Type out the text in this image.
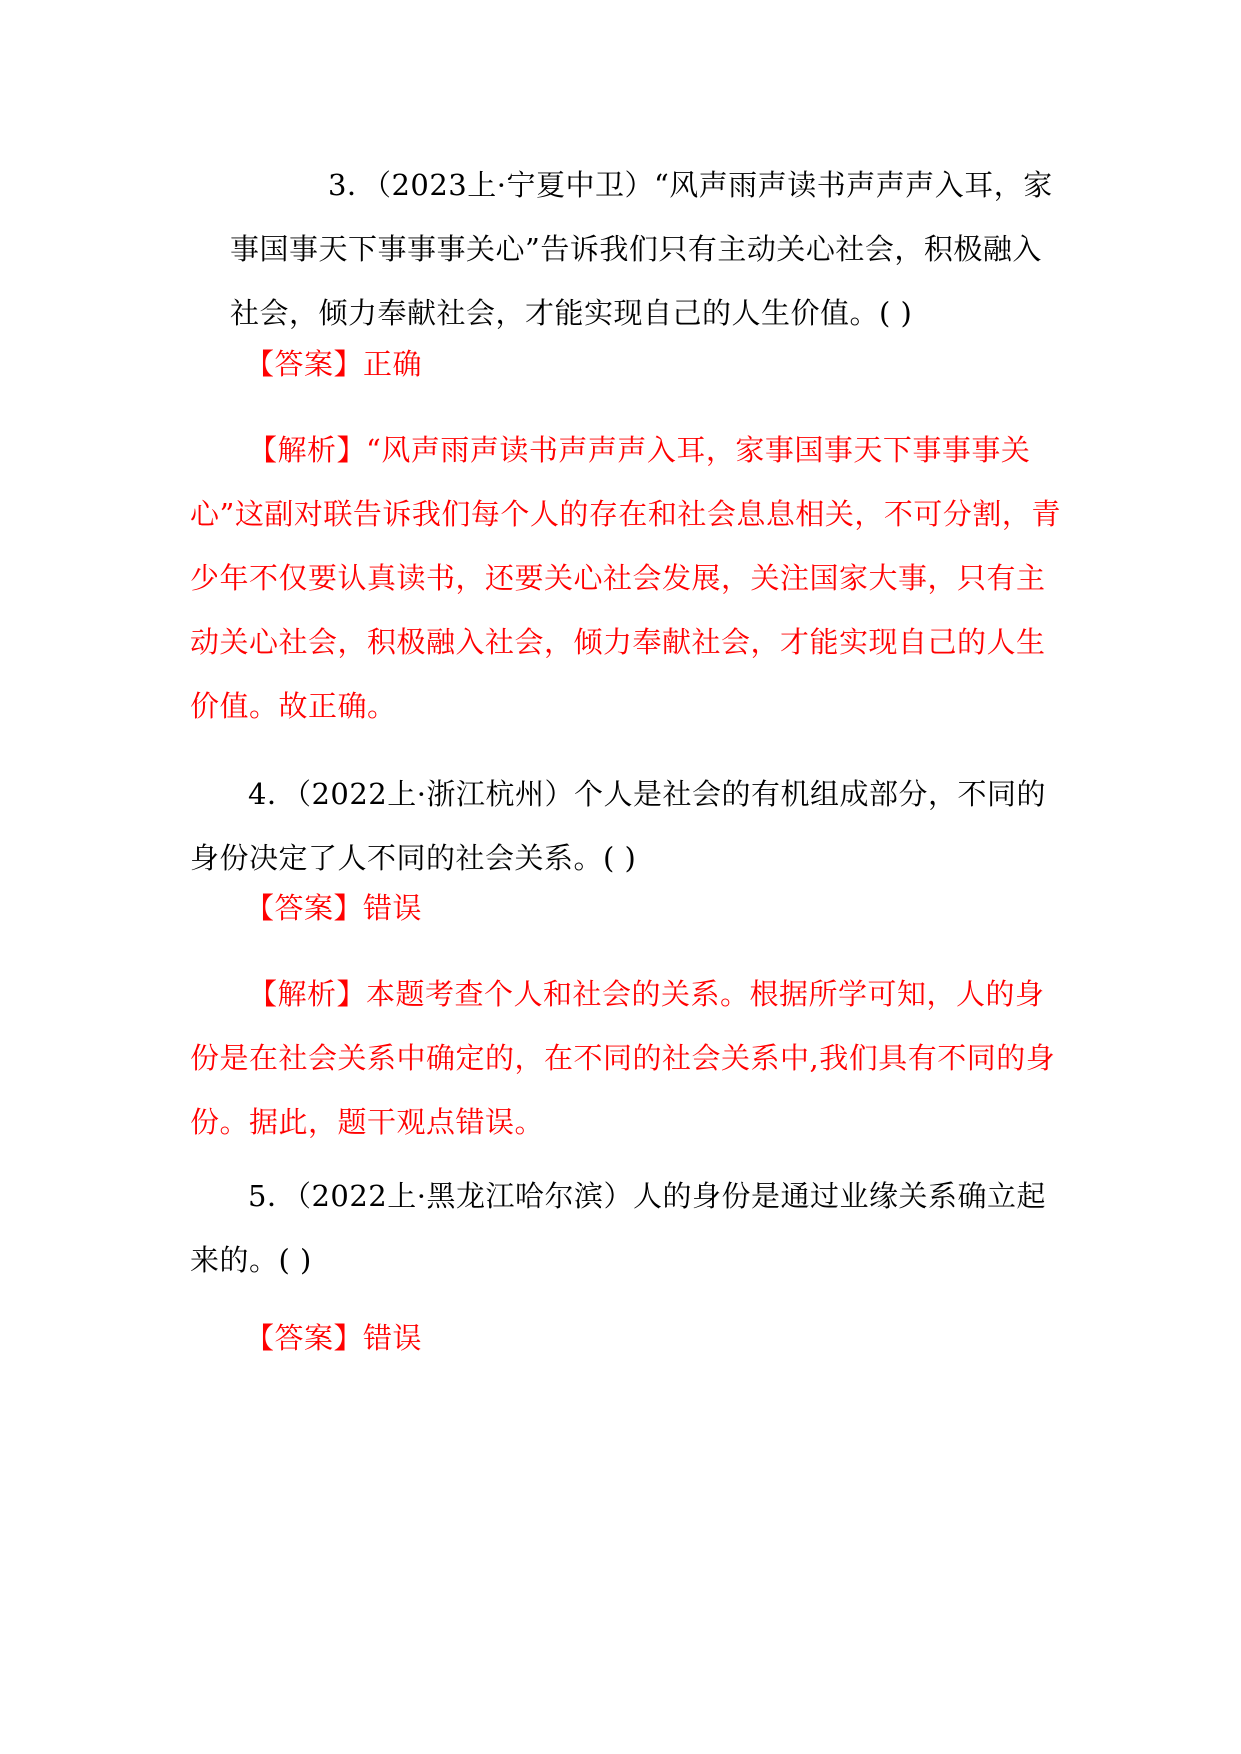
3．（2023上·宁夏中卫）“风声雨声读书声声声入耳，家事国事天下事事事关心”告诉我们只有主动关心社会，积极融入社会，倾力奉献社会，才能实现自己的人生价值。( )
【答案】正确
【解析】“风声雨声读书声声声入耳，家事国事天下事事事关心”这副对联告诉我们每个人的存在和社会息息相关，不可分割，青少年不仅要认真读书，还要关心社会发展，关注国家大事，只有主动关心社会，积极融入社会，倾力奉献社会，才能实现自己的人生价值。故正确。
4．（2022上·浙江杭州）个人是社会的有机组成部分，不同的身份决定了人不同的社会关系。( )
【答案】错误
【解析】本题考查个人和社会的关系。根据所学可知，人的身份是在社会关系中确定的，在不同的社会关系中,我们具有不同的身份。据此，题干观点错误。
5．（2022上·黑龙江哈尔滨）人的身份是通过业缘关系确立起来的。( )
【答案】错误
